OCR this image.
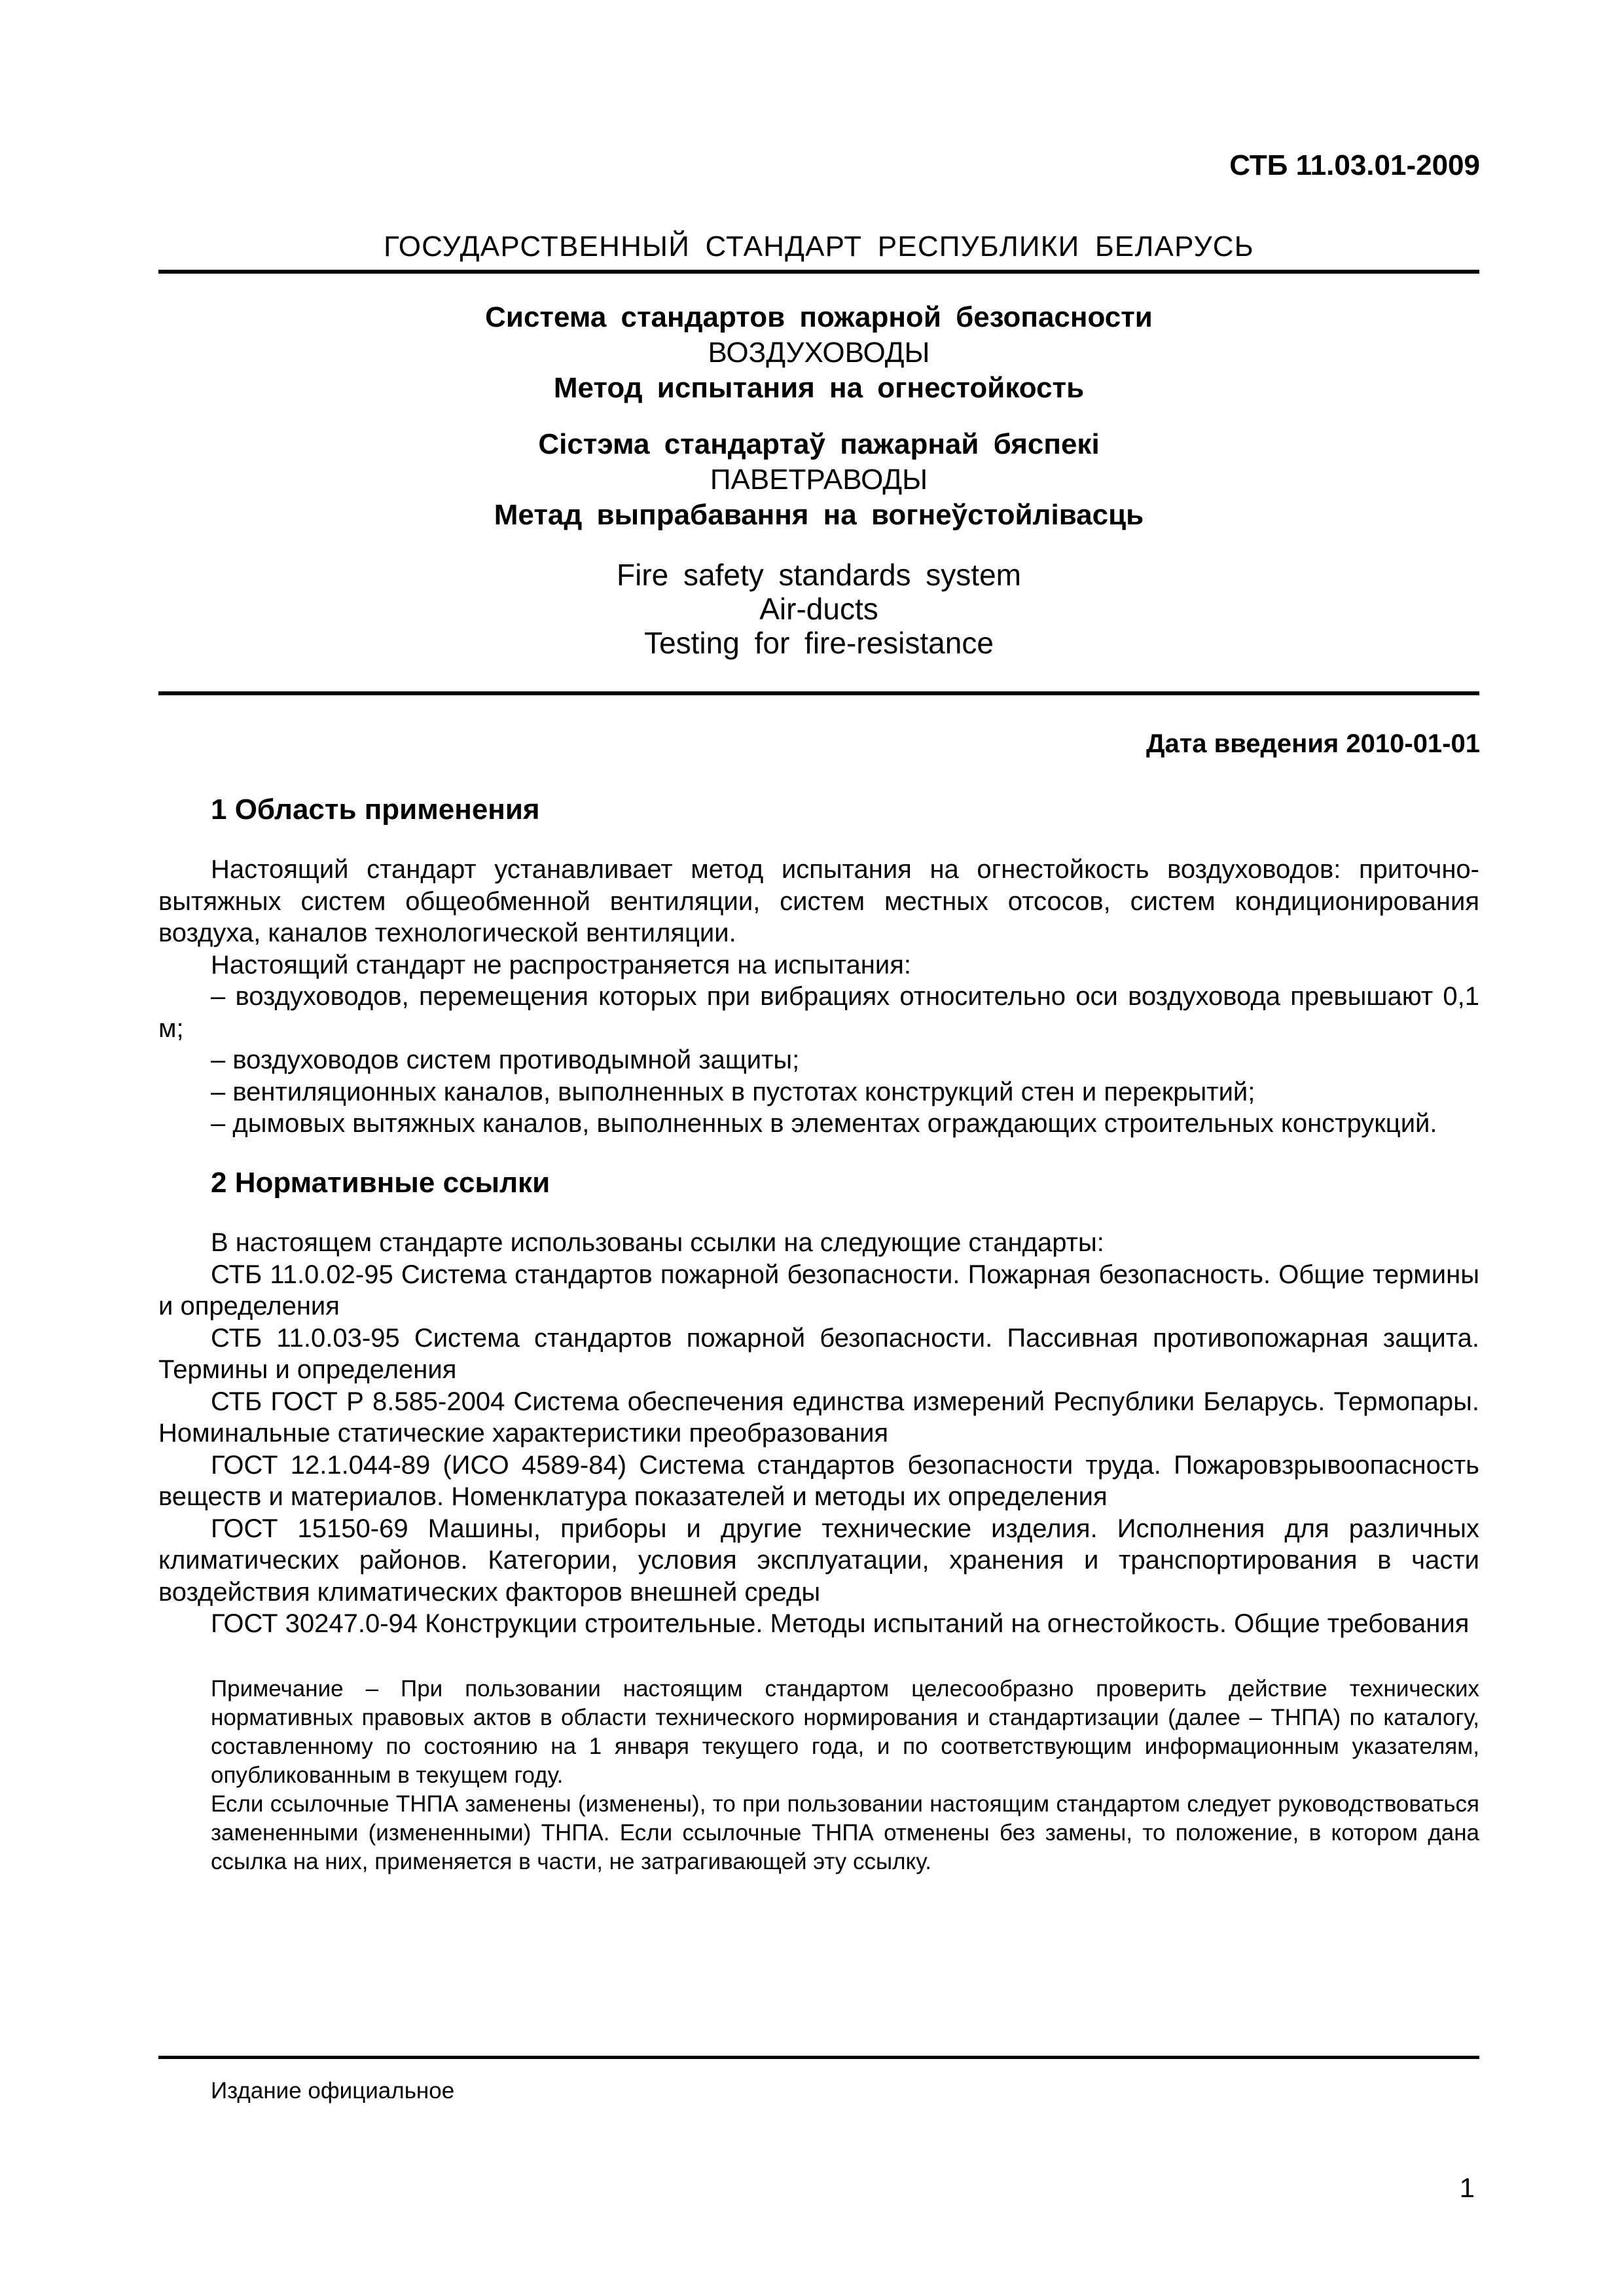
СТБ 11.03.01-2009
ГОСУДАРСТВЕННЫЙ СТАНДАРТ РЕСПУБЛИКИ БЕЛАРУСЬ
Система стандартов пожарной безопасности
ВОЗДУХОВОДЫ
Метод испытания на огнестойкость
Сістэма стандартаў пажарнай бяспекі
ПАВЕТРАВОДЫ
Метад выпрабавання на вогнеўстойлівасць
Fire safety standards system
Air-ducts
Testing for fire-resistance
Дата введения 2010-01-01
1 Область применения

Настоящий стандарт устанавливает метод испытания на огнестойкость воздуховодов: приточно-вытяжных систем общеобменной вентиляции, систем местных отсосов, систем кондиционирования воздуха, каналов технологической вентиляции.

Настоящий стандарт не распространяется на испытания:

– воздуховодов, перемещения которых при вибрациях относительно оси воздуховода превышают 0,1 м;

– воздуховодов систем противодымной защиты;

– вентиляционных каналов, выполненных в пустотах конструкций стен и перекрытий;

– дымовых вытяжных каналов, выполненных в элементах ограждающих строительных конструкций.

2 Нормативные ссылки

В настоящем стандарте использованы ссылки на следующие стандарты:

СТБ 11.0.02-95 Система стандартов пожарной безопасности. Пожарная безопасность. Общие термины и определения

СТБ 11.0.03-95 Система стандартов пожарной безопасности. Пассивная противопожарная защита. Термины и определения

СТБ ГОСТ Р 8.585-2004 Система обеспечения единства измерений Республики Беларусь. Термопары. Номинальные статические характеристики преобразования

ГОСТ 12.1.044-89 (ИСО 4589-84) Система стандартов безопасности труда. Пожаровзрывоопасность веществ и материалов. Номенклатура показателей и методы их определения

ГОСТ 15150-69 Машины, приборы и другие технические изделия. Исполнения для различных климатических районов. Категории, условия эксплуатации, хранения и транспортирования в части воздействия климатических факторов внешней среды

ГОСТ 30247.0-94 Конструкции строительные. Методы испытаний на огнестойкость. Общие требования

Примечание – При пользовании настоящим стандартом целесообразно проверить действие технических нормативных правовых актов в области технического нормирования и стандартизации (далее – ТНПА) по каталогу, составленному по состоянию на 1 января текущего года, и по соответствующим информационным указателям, опубликованным в текущем году.

Если ссылочные ТНПА заменены (изменены), то при пользовании настоящим стандартом следует руководствоваться замененными (измененными) ТНПА. Если ссылочные ТНПА отменены без замены, то положение, в котором дана ссылка на них, применяется в части, не затрагивающей эту ссылку.

Издание официальное
1
